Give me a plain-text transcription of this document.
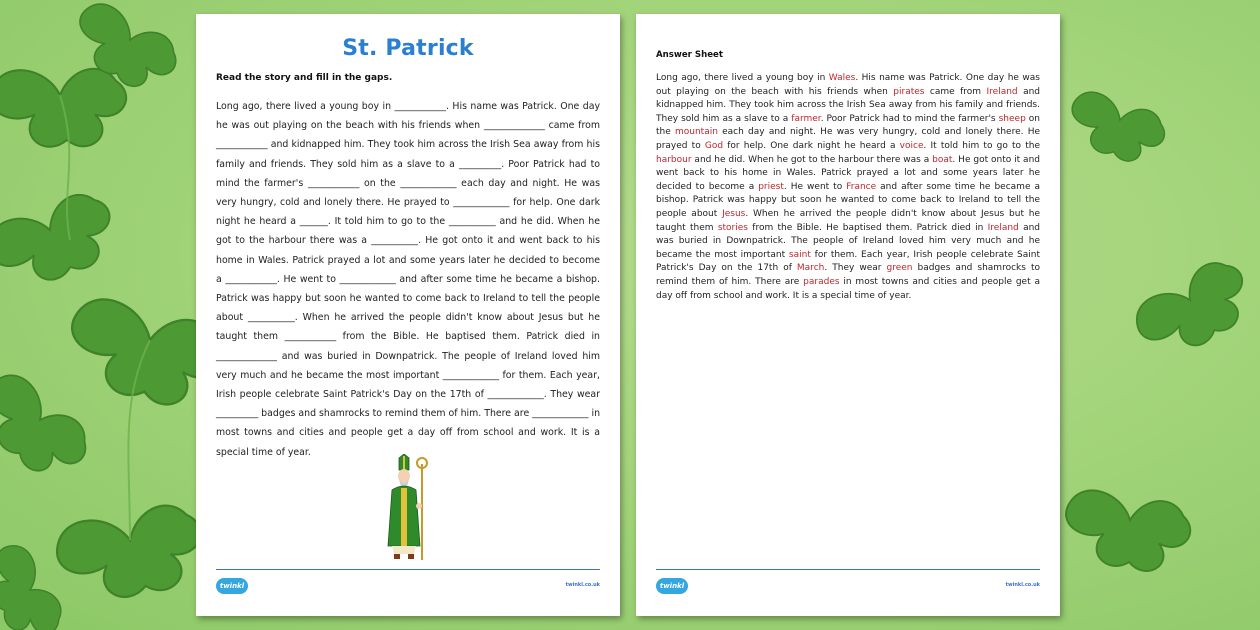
St. Patrick

Read the story and fill in the gaps.

Long ago, there lived a young boy in ___________. His name was Patrick. One day he was out playing on the beach with his friends when _____________ came from ___________ and kidnapped him. They took him across the Irish Sea away from his family and friends. They sold him as a slave to a _________. Poor Patrick had to mind the farmer's ___________ on the ____________ each day and night. He was very hungry, cold and lonely there. He prayed to ____________ for help. One dark night he heard a ______. It told him to go to the __________ and he did. When he got to the harbour there was a __________. He got onto it and went back to his home in Wales. Patrick prayed a lot and some years later he decided to become a ___________. He went to ____________ and after some time he became a bishop. Patrick was happy but soon he wanted to come back to Ireland to tell the people about __________. When he arrived the people didn't know about Jesus but he taught them ___________ from the Bible. He baptised them. Patrick died in _____________ and was buried in Downpatrick. The people of Ireland loved him very much and he became the most important ____________ for them. Each year, Irish people celebrate Saint Patrick's Day on the 17th of ____________. They wear _________ badges and shamrocks to remind them of him. There are ____________ in most towns and cities and people get a day off from school and work. It is a special time of year.

twinkl	twinkl.co.uk

Answer Sheet

Long ago, there lived a young boy in Wales. His name was Patrick. One day he was out playing on the beach with his friends when pirates came from Ireland and kidnapped him. They took him across the Irish Sea away from his family and friends. They sold him as a slave to a farmer. Poor Patrick had to mind the farmer's sheep on the mountain each day and night. He was very hungry, cold and lonely there. He prayed to God for help. One dark night he heard a voice. It told him to go to the harbour and he did. When he got to the harbour there was a boat. He got onto it and went back to his home in Wales. Patrick prayed a lot and some years later he decided to become a priest. He went to France and after some time he became a bishop. Patrick was happy but soon he wanted to come back to Ireland to tell the people about Jesus. When he arrived the people didn't know about Jesus but he taught them stories from the Bible. He baptised them. Patrick died in Ireland and was buried in Downpatrick. The people of Ireland loved him very much and he became the most important saint for them. Each year, Irish people celebrate Saint Patrick's Day on the 17th of March. They wear green badges and shamrocks to remind them of him. There are parades in most towns and cities and people get a day off from school and work. It is a special time of year.

twinkl	twinkl.co.uk
